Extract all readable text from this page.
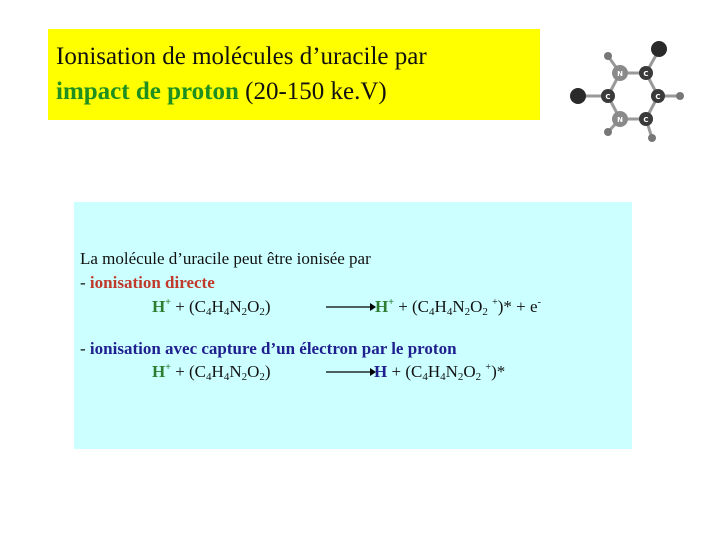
Ionisation de molécules d’uracile par
impact de proton (20-150 ke.V)
N	C
C	C
N	C
La molécule d’uracile peut être ionisée par
- ionisation directe
$H^+ + (C_4H_4N_2O_2)$	→ $H^+ + (C_4H_4N_2O_2$ +)* + e-
- ionisation avec capture d’un électron par le proton
$H^+ + (C_4H_4N_2O_2)$	$H + (C_4H_4N_2O_2$ +)*
